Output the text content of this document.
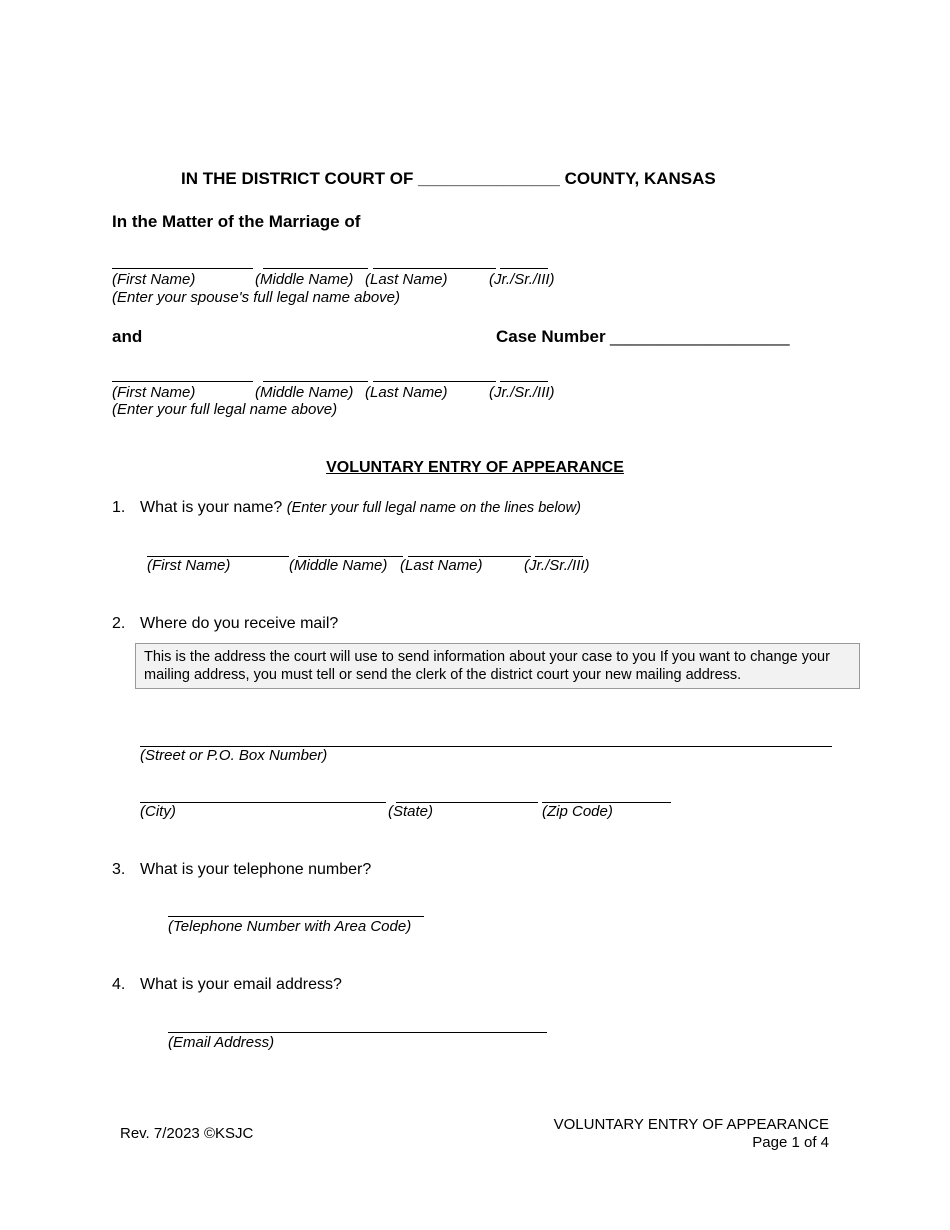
IN THE DISTRICT COURT OF _______________ COUNTY, KANSAS
In the Matter of the Marriage of
(First Name)	(Middle Name) (Last Name)	(Jr./Sr./III)
(Enter your spouse's full legal name above)
and	Case Number ___________________
(First Name)	(Middle Name) (Last Name)	(Jr./Sr./III)
(Enter your full legal name above)
VOLUNTARY ENTRY OF APPEARANCE
1. What is your name? (Enter your full legal name on the lines below)
(First Name)	(Middle Name) (Last Name)	(Jr./Sr./III)
2. Where do you receive mail?
This is the address the court will use to send information about your case to you If you want to change your mailing address, you must tell or send the clerk of the district court your new mailing address.
(Street or P.O. Box Number)
(City)	(State)	(Zip Code)
3. What is your telephone number?
(Telephone Number with Area Code)
4. What is your email address?
(Email Address)
Rev. 7/2023 ©KSJC
VOLUNTARY ENTRY OF APPEARANCE
Page 1 of 4
